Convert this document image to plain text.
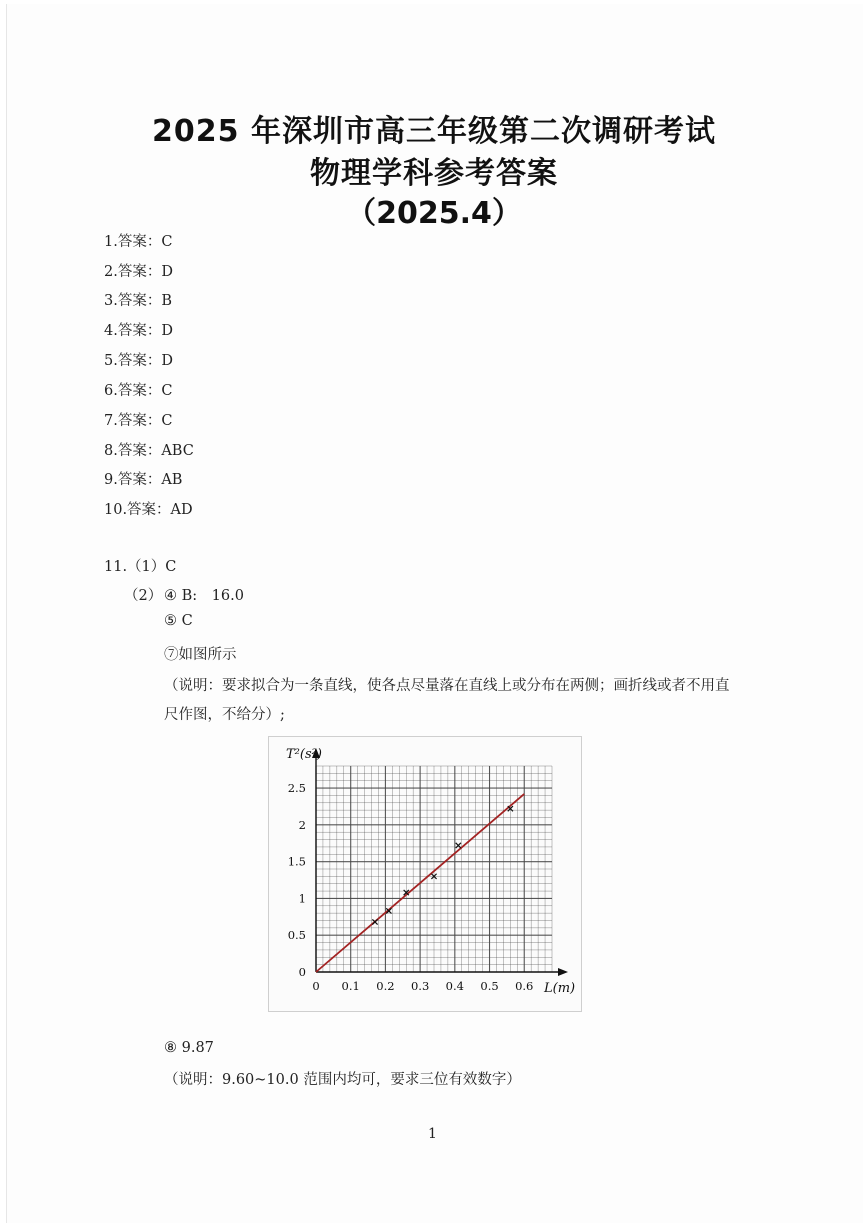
2025 年深圳市高三年级第二次调研考试
物理学科参考答案
（2025.4）
1.答案：C
2.答案：D
3.答案：B
4.答案：D
5.答案：D
6.答案：C
7.答案：C
8.答案：ABC
9.答案：AB
10.答案：AD
11.（1）C
（2） ④ B:　16.0
⑤ C
⑦如图所示
（说明：要求拟合为一条直线，使各点尽量落在直线上或分布在两侧；画折线或者不用直
尺作图，不给分）;
0 0.1 0.2 0.3 0.4 0.5 0.6
0
0.5
1
1.5
2
2.5
T²(s²)
L(m)
⑧ 9.87
（说明：9.60~10.0 范围内均可，要求三位有效数字）
1
